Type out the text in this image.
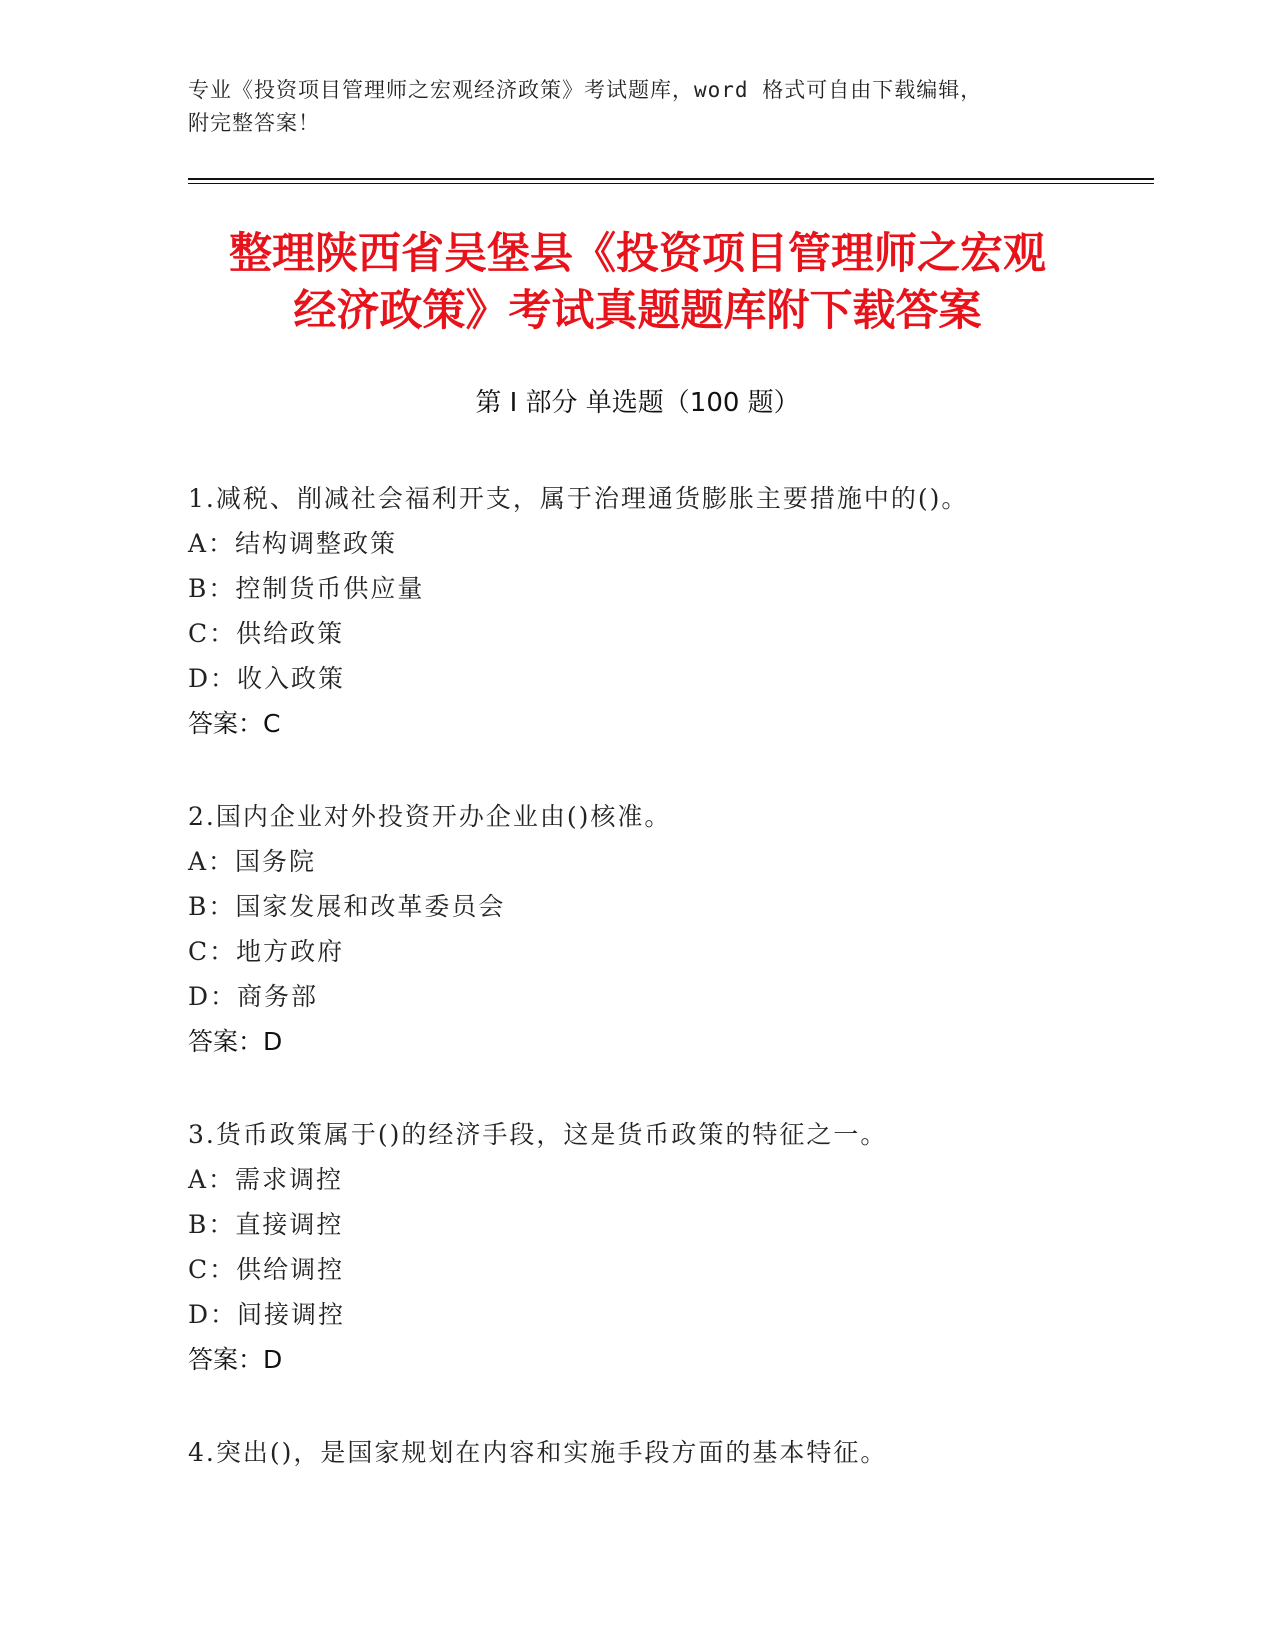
专业《投资项目管理师之宏观经济政策》考试题库，word 格式可自由下载编辑，
附完整答案！
整理陕西省吴堡县《投资项目管理师之宏观
经济政策》考试真题题库附下载答案
第 I 部分 单选题（100 题）
1.减税、削减社会福利开支，属于治理通货膨胀主要措施中的()。
A：结构调整政策
B：控制货币供应量
C：供给政策
D：收入政策
答案：C
2.国内企业对外投资开办企业由()核准。
A：国务院
B：国家发展和改革委员会
C：地方政府
D：商务部
答案：D
3.货币政策属于()的经济手段，这是货币政策的特征之一。
A：需求调控
B：直接调控
C：供给调控
D：间接调控
答案：D
4.突出()，是国家规划在内容和实施手段方面的基本特征。
